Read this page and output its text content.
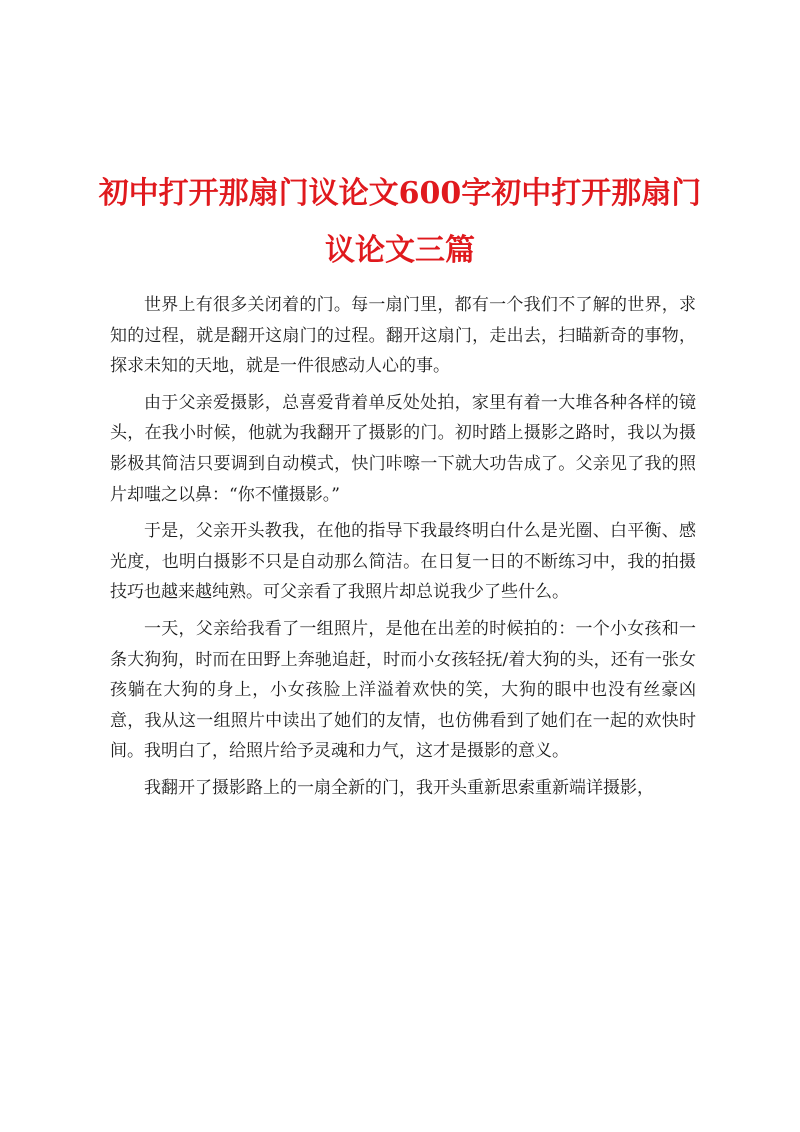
初中打开那扇门议论文600字初中打开那扇门议论文三篇

世界上有很多关闭着的门。每一扇门里，都有一个我们不了解的世界，求知的过程，就是翻开这扇门的过程。翻开这扇门，走出去，扫瞄新奇的事物，探求未知的天地，就是一件很感动人心的事。

由于父亲爱摄影，总喜爱背着单反处处拍，家里有着一大堆各种各样的镜头，在我小时候，他就为我翻开了摄影的门。初时踏上摄影之路时，我以为摄影极其简洁只要调到自动模式，快门咔嚓一下就大功告成了。父亲见了我的照片却嗤之以鼻：“你不懂摄影。”

于是，父亲开头教我，在他的指导下我最终明白什么是光圈、白平衡、感光度，也明白摄影不只是自动那么简洁。在日复一日的不断练习中，我的拍摄技巧也越来越纯熟。可父亲看了我照片却总说我少了些什么。

一天，父亲给我看了一组照片，是他在出差的时候拍的：一个小女孩和一条大狗狗，时而在田野上奔驰追赶，时而小女孩轻抚/着大狗的头，还有一张女孩躺在大狗的身上，小女孩脸上洋溢着欢快的笑，大狗的眼中也没有丝豪凶意，我从这一组照片中读出了她们的友情，也仿佛看到了她们在一起的欢快时间。我明白了，给照片给予灵魂和力气，这才是摄影的意义。

我翻开了摄影路上的一扇全新的门，我开头重新思索重新端详摄影，
